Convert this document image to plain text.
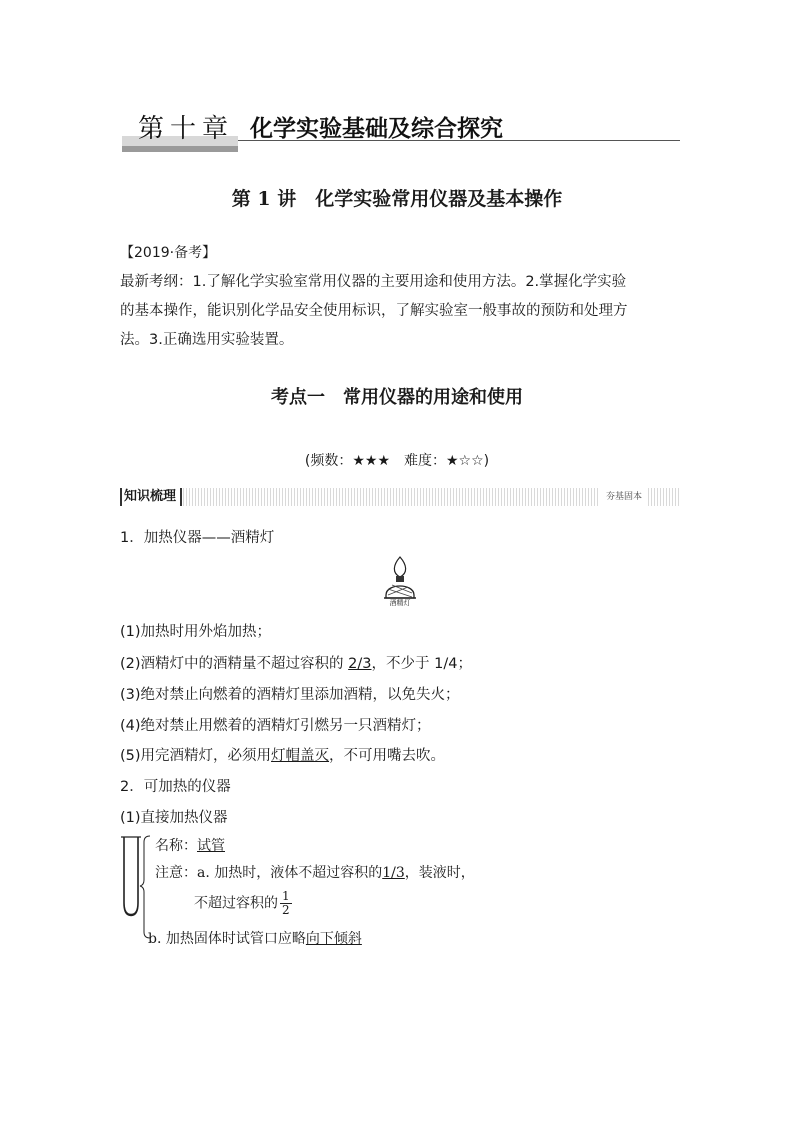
第十章 化学实验基础及综合探究
第 1 讲　化学实验常用仪器及基本操作
【2019·备考】
最新考纲：1.了解化学实验室常用仪器的主要用途和使用方法。2.掌握化学实验
的基本操作，能识别化学品安全使用标识，了解实验室一般事故的预防和处理方
法。3.正确选用实验装置。
考点一　常用仪器的用途和使用
(频数：★★★　难度：★☆☆)
知识梳理	夯基固本
1．加热仪器——酒精灯
酒精灯
(1)加热时用外焰加热；
(2)酒精灯中的酒精量不超过容积的 2/3，不少于 1/4；
(3)绝对禁止向燃着的酒精灯里添加酒精，以免失火；
(4)绝对禁止用燃着的酒精灯引燃另一只酒精灯；
(5)用完酒精灯，必须用灯帽盖灭，不可用嘴去吹。
2．可加热的仪器
(1)直接加热仪器
名称：试管
注意：a. 加热时，液体不超过容积的1/3，装液时，
不超过容积的 $\frac{1}{2}$
b. 加热固体时试管口应略向下倾斜
